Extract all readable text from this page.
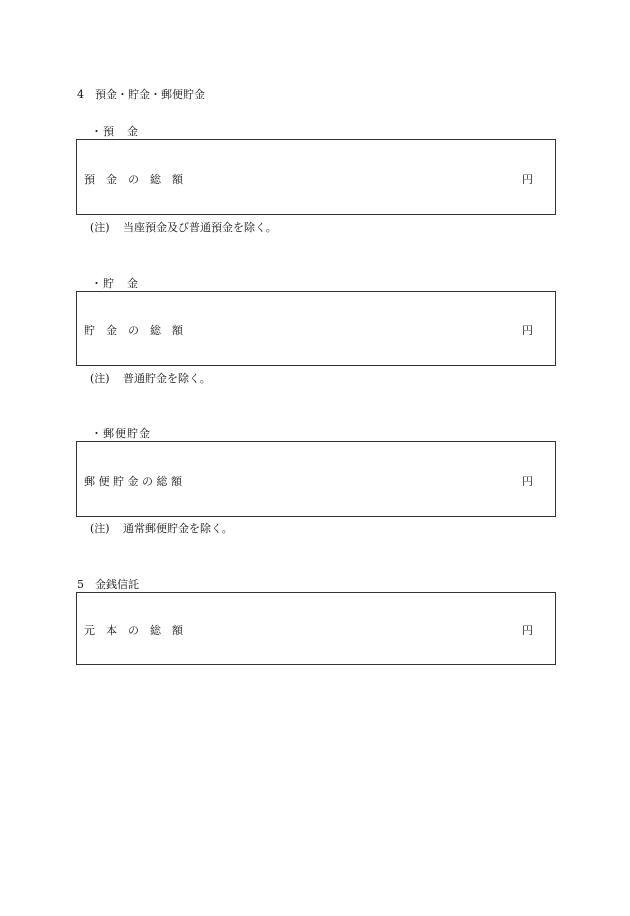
4　預金・貯金・郵便貯金
・預　金
預　金　の　総　額	円
(注) 当座預金及び普通預金を除く。
・貯　金
貯　金　の　総　額	円
(注) 普通貯金を除く。
・郵便貯金
郵 便 貯 金 の 総 額	円
(注) 通常郵便貯金を除く。
5　金銭信託
元　本　の　総　額	円
